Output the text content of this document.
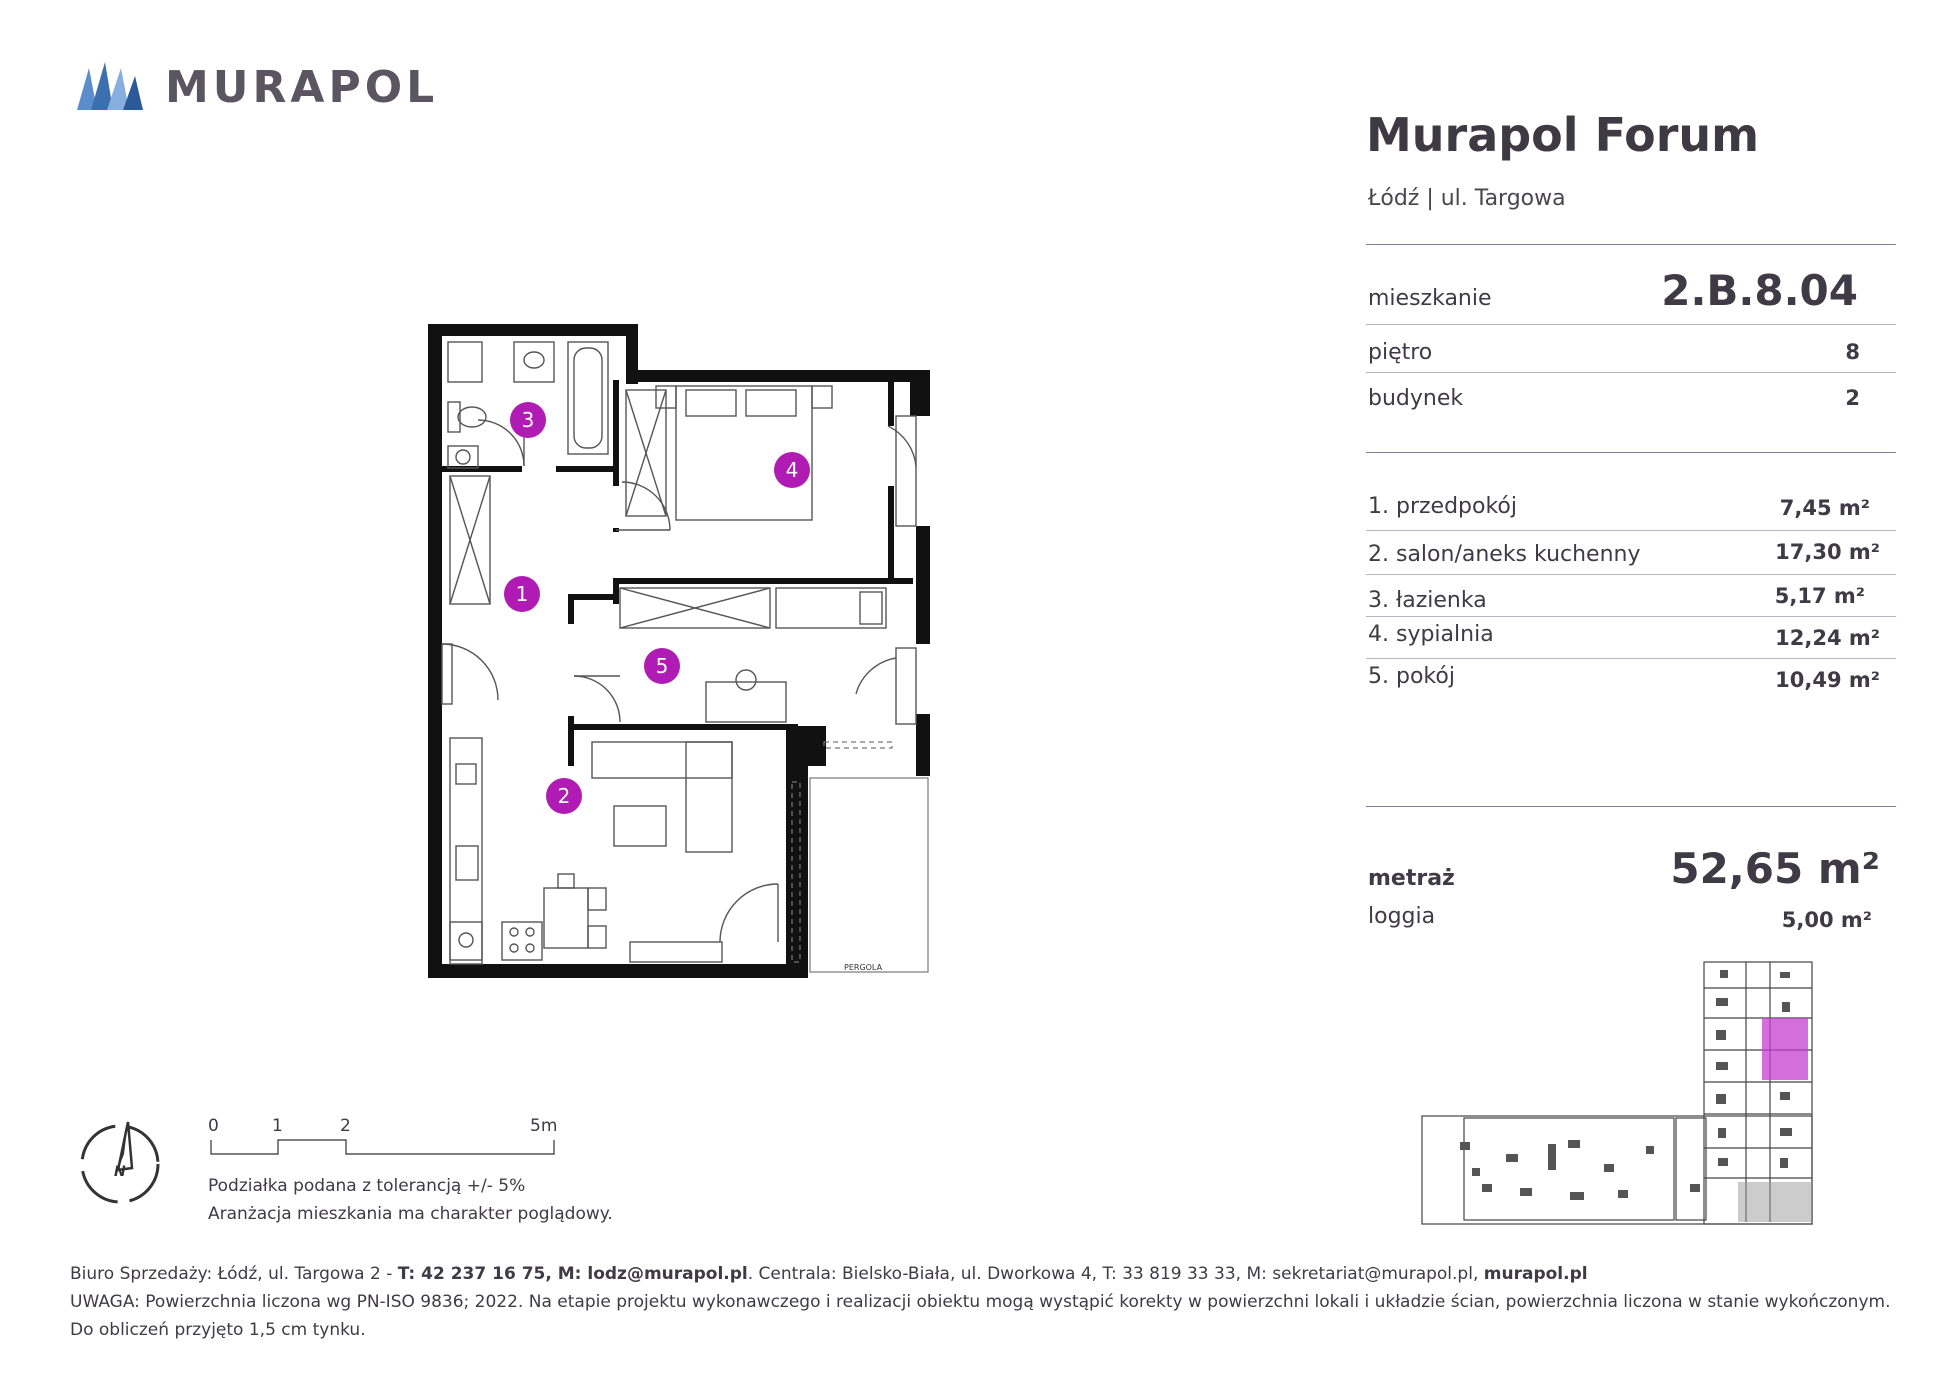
MURAPOL
Murapol Forum
Łódź | ul. Targowa
mieszkanie	2.B.8.04
piętro	8
budynek	2
1. przedpokój	7,45 m²
2. salon/aneks kuchenny	17,30 m²
3. łazienka	5,17 m²
4. sypialnia	12,24 m²
5. pokój	10,49 m²
metraż	52,65 m²
loggia	5,00 m²
PERGOLA
1
2
3
4
5
N
0	1	2	5m
Podziałka podana z tolerancją +/- 5%
Aranżacja mieszkania ma charakter poglądowy.
Biuro Sprzedaży: Łódź, ul. Targowa 2 - T: 42 237 16 75, M: lodz@murapol.pl. Centrala: Bielsko-Biała, ul. Dworkowa 4, T: 33 819 33 33, M: sekretariat@murapol.pl, murapol.pl
UWAGA: Powierzchnia liczona wg PN-ISO 9836; 2022. Na etapie projektu wykonawczego i realizacji obiektu mogą wystąpić korekty w powierzchni lokali i układzie ścian, powierzchnia liczona w stanie wykończonym.
Do obliczeń przyjęto 1,5 cm tynku.
